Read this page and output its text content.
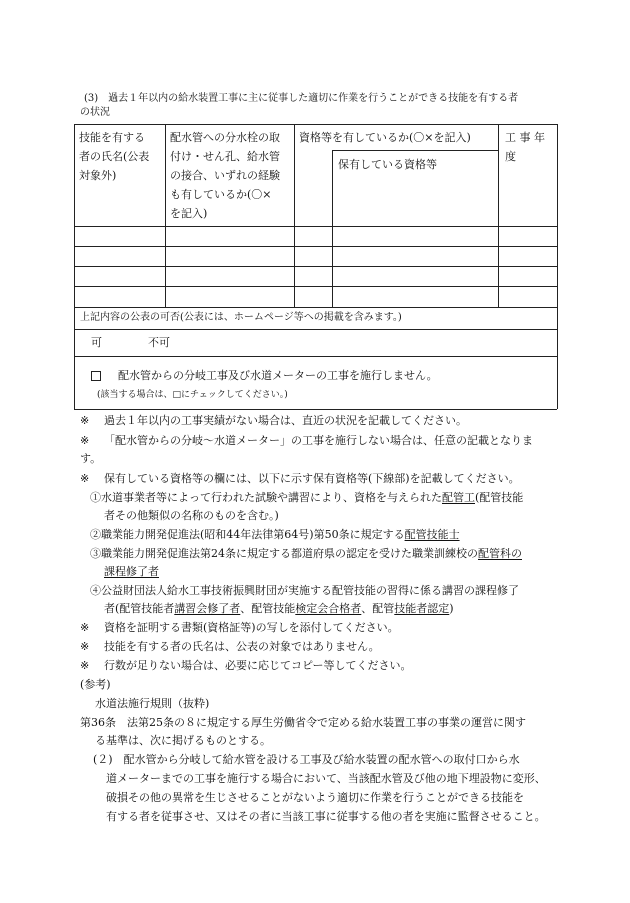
(3)　過去１年以内の給水装置工事に主に従事した適切に作業を行うことができる技能を有する者
の状況
技能を有する
者の氏名(公表
対象外)
配水管への分水栓の取
付け・せん孔、給水管
の接合、いずれの経験
も有しているか(〇×
を記入)
資格等を有しているか(〇×を記入)
保有している資格等
工 事 年
度
上記内容の公表の可否(公表には、ホームページ等への掲載を含みます。)
可	不可
配水管からの分岐工事及び水道メーターの工事を施行しません。
(該当する場合は、□にチェックしてください。)
※ 過去１年以内の工事実績がない場合は、直近の状況を記載してください。
※ 「配水管からの分岐～水道メーター」の工事を施行しない場合は、任意の記載となりま
す。
※ 保有している資格等の欄には、以下に示す保有資格等(下線部)を記載してください。
①水道事業者等によって行われた試験や講習により、資格を与えられた配管工(配管技能
者その他類似の名称のものを含む。)
②職業能力開発促進法(昭和44年法律第64号)第50条に規定する配管技能士
③職業能力開発促進法第24条に規定する都道府県の認定を受けた職業訓練校の配管科の
課程修了者
④公益財団法人給水工事技術振興財団が実施する配管技能の習得に係る講習の課程修了
者(配管技能者講習会修了者、配管技能検定会合格者、配管技能者認定)
※ 資格を証明する書類(資格証等)の写しを添付してください。
※ 技能を有する者の氏名は、公表の対象ではありません。
※ 行数が足りない場合は、必要に応じてコピー等してください。
(参考)
水道法施行規則（抜粋)
第36条　法第25条の８に規定する厚生労働省令で定める給水装置工事の事業の運営に関す
る基準は、次に掲げるものとする。
(２)　配水管から分岐して給水管を設ける工事及び給水装置の配水管への取付口から水
道メーターまでの工事を施行する場合において、当該配水管及び他の地下埋設物に変形、
破損その他の異常を生じさせることがないよう適切に作業を行うことができる技能を
有する者を従事させ、又はその者に当該工事に従事する他の者を実施に監督させること。
